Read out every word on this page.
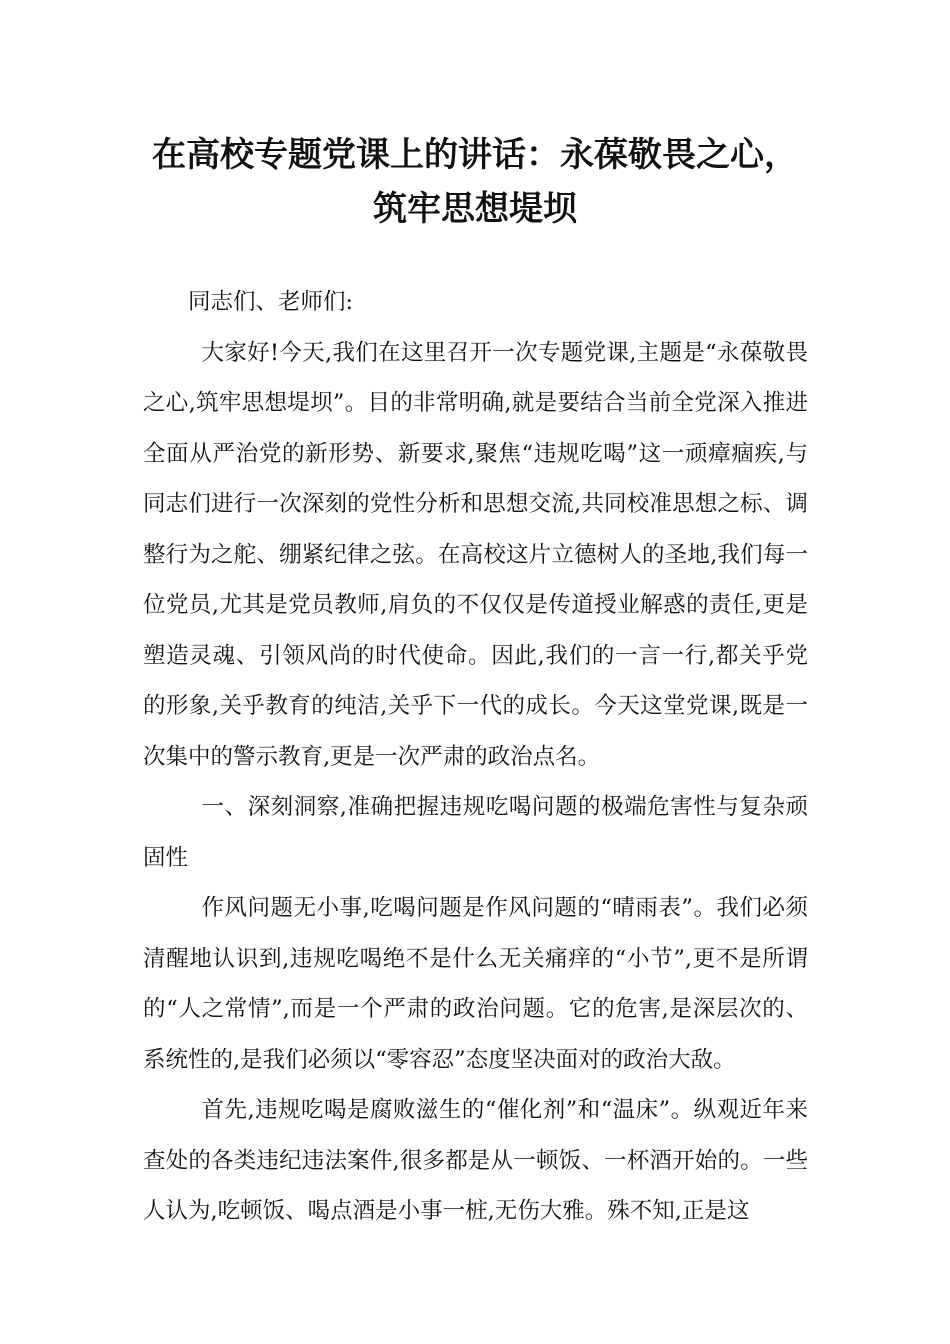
在高校专题党课上的讲话：永葆敬畏之心，
筑牢思想堤坝

同志们、老师们:

大家好!今天,我们在这里召开一次专题党课,主题是“永葆敬畏之心,筑牢思想堤坝”。目的非常明确,就是要结合当前全党深入推进全面从严治党的新形势、新要求,聚焦“违规吃喝”这一顽瘴痼疾,与同志们进行一次深刻的党性分析和思想交流,共同校准思想之标、调整行为之舵、绷紧纪律之弦。在高校这片立德树人的圣地,我们每一位党员,尤其是党员教师,肩负的不仅仅是传道授业解惑的责任,更是塑造灵魂、引领风尚的时代使命。因此,我们的一言一行,都关乎党的形象,关乎教育的纯洁,关乎下一代的成长。今天这堂党课,既是一次集中的警示教育,更是一次严肃的政治点名。

一、深刻洞察,准确把握违规吃喝问题的极端危害性与复杂顽固性

作风问题无小事,吃喝问题是作风问题的“晴雨表”。我们必须清醒地认识到,违规吃喝绝不是什么无关痛痒的“小节”,更不是所谓的“人之常情”,而是一个严肃的政治问题。它的危害,是深层次的、系统性的,是我们必须以“零容忍”态度坚决面对的政治大敌。

首先,违规吃喝是腐败滋生的“催化剂”和“温床”。纵观近年来查处的各类违纪违法案件,很多都是从一顿饭、一杯酒开始的。一些人认为,吃顿饭、喝点酒是小事一桩,无伤大雅。殊不知,正是这
